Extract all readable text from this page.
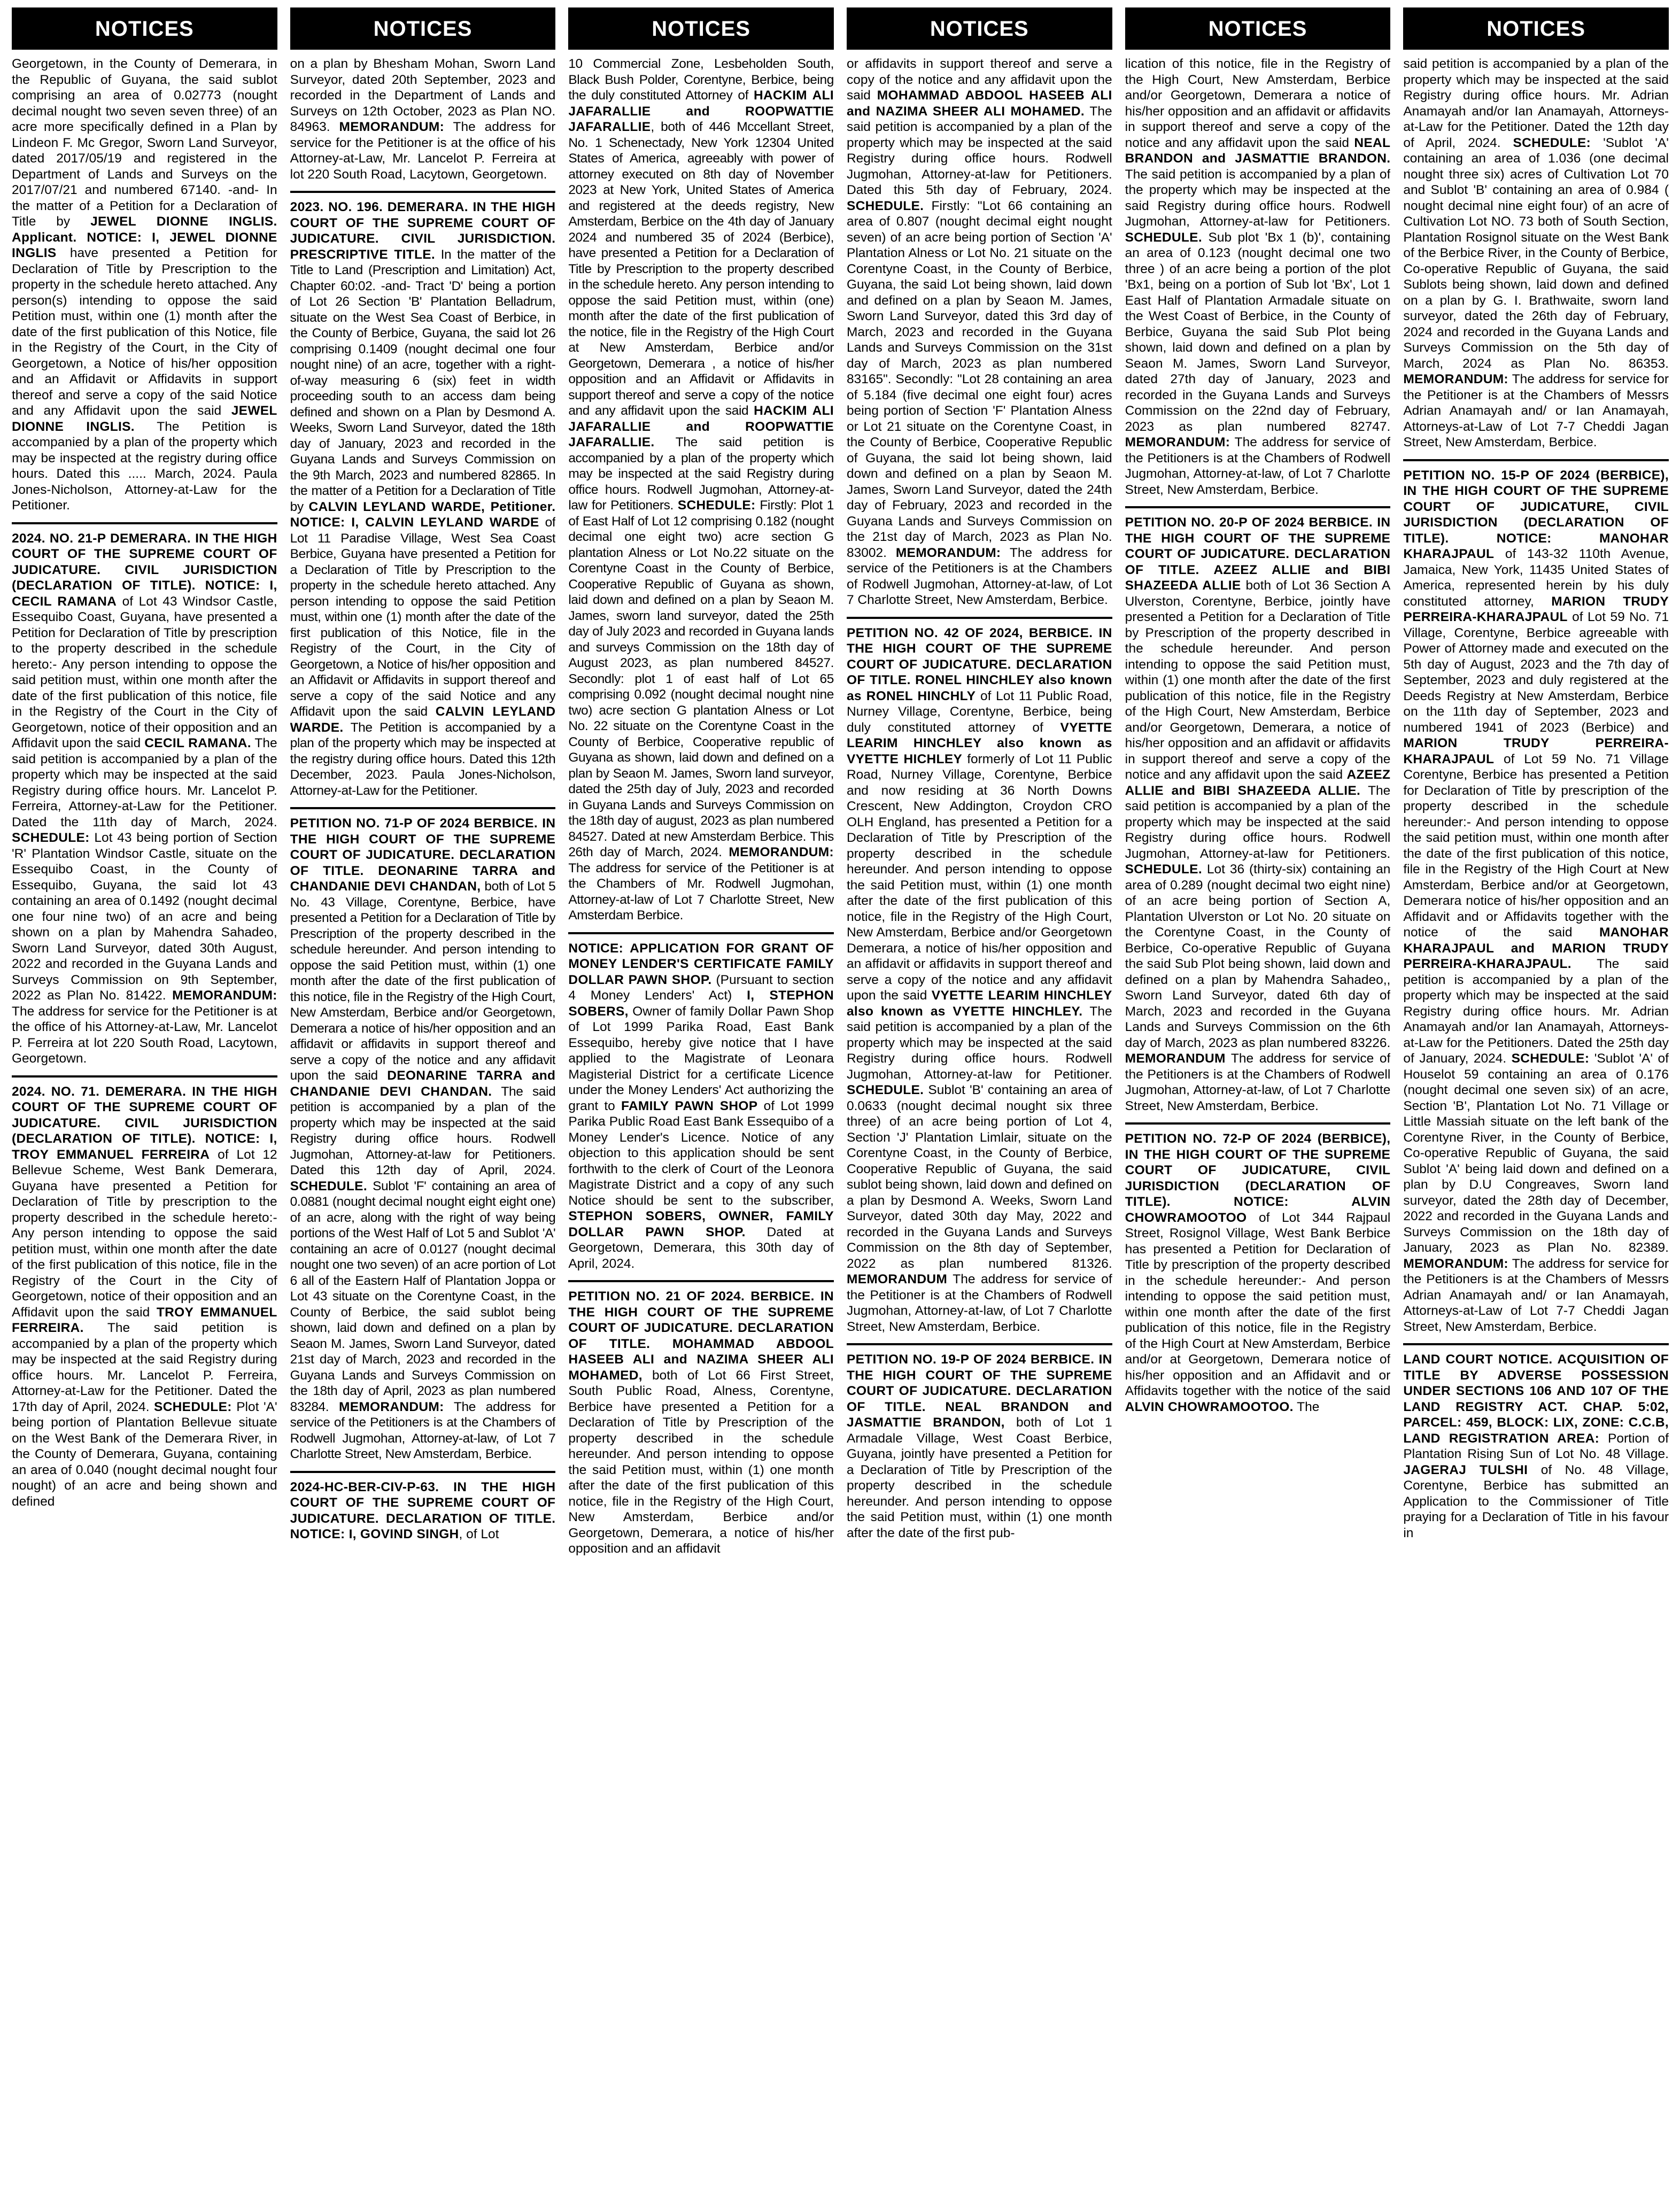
NOTICES
Georgetown, in the County of Demerara, in the Republic of Guyana, the said sublot comprising an area of 0.02773 (nought decimal nought two seven seven three) of an acre more specifically defined in a Plan by Lindeon F. Mc Gregor, Sworn Land Surveyor, dated 2017/05/19 and registered in the Department of Lands and Surveys on the 2017/07/21 and numbered 67140. -and- In the matter of a Petition for a Declaration of Title by JEWEL DIONNE INGLIS. Applicant. NOTICE: I, JEWEL DIONNE INGLIS have presented a Petition for Declaration of Title by Prescription to the property in the schedule hereto attached. Any person(s) intending to oppose the said Petition must, within one (1) month after the date of the first publication of this Notice, file in the Registry of the Court, in the City of Georgetown, a Notice of his/her opposition and an Affidavit or Affidavits in support thereof and serve a copy of the said Notice and any Affidavit upon the said JEWEL DIONNE INGLIS. The Petition is accompanied by a plan of the property which may be inspected at the registry during office hours. Dated this ..... March, 2024. Paula Jones-Nicholson, Attorney-at-Law for the Petitioner.
2024. NO. 21-P DEMERARA. IN THE HIGH COURT OF THE SUPREME COURT OF JUDICATURE. CIVIL JURISDICTION (DECLARATION OF TITLE). NOTICE: I, CECIL RAMANA of Lot 43 Windsor Castle, Essequibo Coast, Guyana, have presented a Petition for Declaration of Title by prescription to the property described in the schedule hereto:- Any person intending to oppose the said petition must, within one month after the date of the first publication of this notice, file in the Registry of the Court in the City of Georgetown, notice of their opposition and an Affidavit upon the said CECIL RAMANA. The said petition is accompanied by a plan of the property which may be inspected at the said Registry during office hours. Mr. Lancelot P. Ferreira, Attorney-at-Law for the Petitioner. Dated the 11th day of March, 2024. SCHEDULE: Lot 43 being portion of Section 'R' Plantation Windsor Castle, situate on the Essequibo Coast, in the County of Essequibo, Guyana, the said lot 43 containing an area of 0.1492 (nought decimal one four nine two) of an acre and being shown on a plan by Mahendra Sahadeo, Sworn Land Surveyor, dated 30th August, 2022 and recorded in the Guyana Lands and Surveys Commission on 9th September, 2022 as Plan No. 81422. MEMORANDUM: The address for service for the Petitioner is at the office of his Attorney-at-Law, Mr. Lancelot P. Ferreira at lot 220 South Road, Lacytown, Georgetown.
2024. NO. 71. DEMERARA. IN THE HIGH COURT OF THE SUPREME COURT OF JUDICATURE. CIVIL JURISDICTION (DECLARATION OF TITLE). NOTICE: I, TROY EMMANUEL FERREIRA of Lot 12 Bellevue Scheme, West Bank Demerara, Guyana have presented a Petition for Declaration of Title by prescription to the property described in the schedule hereto:- Any person intending to oppose the said petition must, within one month after the date of the first publication of this notice, file in the Registry of the Court in the City of Georgetown, notice of their opposition and an Affidavit upon the said TROY EMMANUEL FERREIRA. The said petition is accompanied by a plan of the property which may be inspected at the said Registry during office hours. Mr. Lancelot P. Ferreira, Attorney-at-Law for the Petitioner. Dated the 17th day of April, 2024. SCHEDULE: Plot 'A' being portion of Plantation Bellevue situate on the West Bank of the Demerara River, in the County of Demerara, Guyana, containing an area of 0.040 (nought decimal nought four nought) of an acre and being shown and defined
NOTICES
on a plan by Bhesham Mohan, Sworn Land Surveyor, dated 20th September, 2023 and recorded in the Department of Lands and Surveys on 12th October, 2023 as Plan NO. 84963. MEMORANDUM: The address for service for the Petitioner is at the office of his Attorney-at-Law, Mr. Lancelot P. Ferreira at lot 220 South Road, Lacytown, Georgetown.
2023. NO. 196. DEMERARA. IN THE HIGH COURT OF THE SUPREME COURT OF JUDICATURE. CIVIL JURISDICTION. PRESCRIPTIVE TITLE. In the matter of the Title to Land (Prescription and Limitation) Act, Chapter 60:02. -and- Tract 'D' being a portion of Lot 26 Section 'B' Plantation Belladrum, situate on the West Sea Coast of Berbice, in the County of Berbice, Guyana, the said lot 26 comprising 0.1409 (nought decimal one four nought nine) of an acre, together with a right-of-way measuring 6 (six) feet in width proceeding south to an access dam being defined and shown on a Plan by Desmond A. Weeks, Sworn Land Surveyor, dated the 18th day of January, 2023 and recorded in the Guyana Lands and Surveys Commission on the 9th March, 2023 and numbered 82865. In the matter of a Petition for a Declaration of Title by CALVIN LEYLAND WARDE, Petitioner. NOTICE: I, CALVIN LEYLAND WARDE of Lot 11 Paradise Village, West Sea Coast Berbice, Guyana have presented a Petition for a Declaration of Title by Prescription to the property in the schedule hereto attached. Any person intending to oppose the said Petition must, within one (1) month after the date of the first publication of this Notice, file in the Registry of the Court, in the City of Georgetown, a Notice of his/her opposition and an Affidavit or Affidavits in support thereof and serve a copy of the said Notice and any Affidavit upon the said CALVIN LEYLAND WARDE. The Petition is accompanied by a plan of the property which may be inspected at the registry during office hours. Dated this 12th December, 2023. Paula Jones-Nicholson, Attorney-at-Law for the Petitioner.
PETITION NO. 71-P OF 2024 BERBICE. IN THE HIGH COURT OF THE SUPREME COURT OF JUDICATURE. DECLARATION OF TITLE. DEONARINE TARRA and CHANDANIE DEVI CHANDAN, both of Lot 5 No. 43 Village, Corentyne, Berbice, have presented a Petition for a Declaration of Title by Prescription of the property described in the schedule hereunder. And person intending to oppose the said Petition must, within (1) one month after the date of the first publication of this notice, file in the Registry of the High Court, New Amsterdam, Berbice and/or Georgetown, Demerara a notice of his/her opposition and an affidavit or affidavits in support thereof and serve a copy of the notice and any affidavit upon the said DEONARINE TARRA and CHANDANIE DEVI CHANDAN. The said petition is accompanied by a plan of the property which may be inspected at the said Registry during office hours. Rodwell Jugmohan, Attorney-at-law for Petitioners. Dated this 12th day of April, 2024. SCHEDULE. Sublot 'F' containing an area of 0.0881 (nought decimal nought eight eight one) of an acre, along with the right of way being portions of the West Half of Lot 5 and Sublot 'A' containing an acre of 0.0127 (nought decimal nought one two seven) of an acre portion of Lot 6 all of the Eastern Half of Plantation Joppa or Lot 43 situate on the Corentyne Coast, in the County of Berbice, the said sublot being shown, laid down and defined on a plan by Seaon M. James, Sworn Land Surveyor, dated 21st day of March, 2023 and recorded in the Guyana Lands and Surveys Commission on the 18th day of April, 2023 as plan numbered 83284. MEMORANDUM: The address for service of the Petitioners is at the Chambers of Rodwell Jugmohan, Attorney-at-law, of Lot 7 Charlotte Street, New Amsterdam, Berbice.
2024-HC-BER-CIV-P-63. IN THE HIGH COURT OF THE SUPREME COURT OF JUDICATURE. DECLARATION OF TITLE. NOTICE: I, GOVIND SINGH, of Lot
NOTICES
10 Commercial Zone, Lesbeholden South, Black Bush Polder, Corentyne, Berbice, being the duly constituted Attorney of HACKIM ALI JAFARALLIE and ROOPWATTIE JAFARALLIE, both of 446 Mccellant Street, No. 1 Schenectady, New York 12304 United States of America, agreeably with power of attorney executed on 8th day of November 2023 at New York, United States of America and registered at the deeds registry, New Amsterdam, Berbice on the 4th day of January 2024 and numbered 35 of 2024 (Berbice), have presented a Petition for a Declaration of Title by Prescription to the property described in the schedule hereto. Any person intending to oppose the said Petition must, within (one) month after the date of the first publication of the notice, file in the Registry of the High Court at New Amsterdam, Berbice and/or Georgetown, Demerara , a notice of his/her opposition and an Affidavit or Affidavits in support thereof and serve a copy of the notice and any affidavit upon the said HACKIM ALI JAFARALLIE and ROOPWATTIE JAFARALLIE. The said petition is accompanied by a plan of the property which may be inspected at the said Registry during office hours. Rodwell Jugmohan, Attorney-at-law for Petitioners. SCHEDULE: Firstly: Plot 1 of East Half of Lot 12 comprising 0.182 (nought decimal one eight two) acre section G plantation Alness or Lot No.22 situate on the Corentyne Coast in the County of Berbice, Cooperative Republic of Guyana as shown, laid down and defined on a plan by Seaon M. James, sworn land surveyor, dated the 25th day of July 2023 and recorded in Guyana lands and surveys Commission on the 18th day of August 2023, as plan numbered 84527. Secondly: plot 1 of east half of Lot 65 comprising 0.092 (nought decimal nought nine two) acre section G plantation Alness or Lot No. 22 situate on the Corentyne Coast in the County of Berbice, Cooperative republic of Guyana as shown, laid down and defined on a plan by Seaon M. James, Sworn land surveyor, dated the 25th day of July, 2023 and recorded in Guyana Lands and Surveys Commission on the 18th day of august, 2023 as plan numbered 84527. Dated at new Amsterdam Berbice. This 26th day of March, 2024. MEMORANDUM: The address for service of the Petitioner is at the Chambers of Mr. Rodwell Jugmohan, Attorney-at-law of Lot 7 Charlotte Street, New Amsterdam Berbice.
NOTICE: APPLICATION FOR GRANT OF MONEY LENDER'S CERTIFICATE FAMILY DOLLAR PAWN SHOP. (Pursuant to section 4 Money Lenders' Act) I, STEPHON SOBERS, Owner of family Dollar Pawn Shop of Lot 1999 Parika Road, East Bank Essequibo, hereby give notice that I have applied to the Magistrate of Leonara Magisterial District for a certificate Licence under the Money Lenders' Act authorizing the grant to FAMILY PAWN SHOP of Lot 1999 Parika Public Road East Bank Essequibo of a Money Lender's Licence. Notice of any objection to this application should be sent forthwith to the clerk of Court of the Leonora Magistrate District and a copy of any such Notice should be sent to the subscriber, STEPHON SOBERS, OWNER, FAMILY DOLLAR PAWN SHOP. Dated at Georgetown, Demerara, this 30th day of April, 2024.
PETITION NO. 21 OF 2024. BERBICE. IN THE HIGH COURT OF THE SUPREME COURT OF JUDICATURE. DECLARATION OF TITLE. MOHAMMAD ABDOOL HASEEB ALI and NAZIMA SHEER ALI MOHAMED, both of Lot 66 First Street, South Public Road, Alness, Corentyne, Berbice have presented a Petition for a Declaration of Title by Prescription of the property described in the schedule hereunder. And person intending to oppose the said Petition must, within (1) one month after the date of the first publication of this notice, file in the Registry of the High Court, New Amsterdam, Berbice and/or Georgetown, Demerara, a notice of his/her opposition and an affidavit
NOTICES
or affidavits in support thereof and serve a copy of the notice and any affidavit upon the said MOHAMMAD ABDOOL HASEEB ALI and NAZIMA SHEER ALI MOHAMED. The said petition is accompanied by a plan of the property which may be inspected at the said Registry during office hours. Rodwell Jugmohan, Attorney-at-law for Petitioners. Dated this 5th day of February, 2024. SCHEDULE. Firstly: "Lot 66 containing an area of 0.807 (nought decimal eight nought seven) of an acre being portion of Section 'A' Plantation Alness or Lot No. 21 situate on the Corentyne Coast, in the County of Berbice, Guyana, the said Lot being shown, laid down and defined on a plan by Seaon M. James, Sworn Land Surveyor, dated this 3rd day of March, 2023 and recorded in the Guyana Lands and Surveys Commission on the 31st day of March, 2023 as plan numbered 83165". Secondly: "Lot 28 containing an area of 5.184 (five decimal one eight four) acres being portion of Section 'F' Plantation Alness or Lot 21 situate on the Corentyne Coast, in the County of Berbice, Cooperative Republic of Guyana, the said lot being shown, laid down and defined on a plan by Seaon M. James, Sworn Land Surveyor, dated the 24th day of February, 2023 and recorded in the Guyana Lands and Surveys Commission on the 21st day of March, 2023 as Plan No. 83002. MEMORANDUM: The address for service of the Petitioners is at the Chambers of Rodwell Jugmohan, Attorney-at-law, of Lot 7 Charlotte Street, New Amsterdam, Berbice.
PETITION NO. 42 OF 2024, BERBICE. IN THE HIGH COURT OF THE SUPREME COURT OF JUDICATURE. DECLARATION OF TITLE. RONEL HINCHLEY also known as RONEL HINCHLY of Lot 11 Public Road, Nurney Village, Corentyne, Berbice, being duly constituted attorney of VYETTE LEARIM HINCHLEY also known as VYETTE HICHLEY formerly of Lot 11 Public Road, Nurney Village, Corentyne, Berbice and now residing at 36 North Downs Crescent, New Addington, Croydon CRO OLH England, has presented a Petition for a Declaration of Title by Prescription of the property described in the schedule hereunder. And person intending to oppose the said Petition must, within (1) one month after the date of the first publication of this notice, file in the Registry of the High Court, New Amsterdam, Berbice and/or Georgetown Demerara, a notice of his/her opposition and an affidavit or affidavits in support thereof and serve a copy of the notice and any affidavit upon the said VYETTE LEARIM HINCHLEY also known as VYETTE HINCHLEY. The said petition is accompanied by a plan of the property which may be inspected at the said Registry during office hours. Rodwell Jugmohan, Attorney-at-law for Petitioner. SCHEDULE. Sublot 'B' containing an area of 0.0633 (nought decimal nought six three three) of an acre being portion of Lot 4, Section 'J' Plantation Limlair, situate on the Corentyne Coast, in the County of Berbice, Cooperative Republic of Guyana, the said sublot being shown, laid down and defined on a plan by Desmond A. Weeks, Sworn Land Surveyor, dated 30th day May, 2022 and recorded in the Guyana Lands and Surveys Commission on the 8th day of September, 2022 as plan numbered 81326. MEMORANDUM The address for service of the Petitioner is at the Chambers of Rodwell Jugmohan, Attorney-at-law, of Lot 7 Charlotte Street, New Amsterdam, Berbice.
PETITION NO. 19-P OF 2024 BERBICE. IN THE HIGH COURT OF THE SUPREME COURT OF JUDICATURE. DECLARATION OF TITLE. NEAL BRANDON and JASMATTIE BRANDON, both of Lot 1 Armadale Village, West Coast Berbice, Guyana, jointly have presented a Petition for a Declaration of Title by Prescription of the property described in the schedule hereunder. And person intending to oppose the said Petition must, within (1) one month after the date of the first pub-
NOTICES
lication of this notice, file in the Registry of the High Court, New Amsterdam, Berbice and/or Georgetown, Demerara a notice of his/her opposition and an affidavit or affidavits in support thereof and serve a copy of the notice and any affidavit upon the said NEAL BRANDON and JASMATTIE BRANDON. The said petition is accompanied by a plan of the property which may be inspected at the said Registry during office hours. Rodwell Jugmohan, Attorney-at-law for Petitioners. SCHEDULE. Sub plot 'Bx 1 (b)', containing an area of 0.123 (nought decimal one two three ) of an acre being a portion of the plot 'Bx1, being on a portion of Sub lot 'Bx', Lot 1 East Half of Plantation Armadale situate on the West Coast of Berbice, in the County of Berbice, Guyana the said Sub Plot being shown, laid down and defined on a plan by Seaon M. James, Sworn Land Surveyor, dated 27th day of January, 2023 and recorded in the Guyana Lands and Surveys Commission on the 22nd day of February, 2023 as plan numbered 82747. MEMORANDUM: The address for service of the Petitioners is at the Chambers of Rodwell Jugmohan, Attorney-at-law, of Lot 7 Charlotte Street, New Amsterdam, Berbice.
PETITION NO. 20-P OF 2024 BERBICE. IN THE HIGH COURT OF THE SUPREME COURT OF JUDICATURE. DECLARATION OF TITLE. AZEEZ ALLIE and BIBI SHAZEEDA ALLIE both of Lot 36 Section A Ulverston, Corentyne, Berbice, jointly have presented a Petition for a Declaration of Title by Prescription of the property described in the schedule hereunder. And person intending to oppose the said Petition must, within (1) one month after the date of the first publication of this notice, file in the Registry of the High Court, New Amsterdam, Berbice and/or Georgetown, Demerara, a notice of his/her opposition and an affidavit or affidavits in support thereof and serve a copy of the notice and any affidavit upon the said AZEEZ ALLIE and BIBI SHAZEEDA ALLIE. The said petition is accompanied by a plan of the property which may be inspected at the said Registry during office hours. Rodwell Jugmohan, Attorney-at-law for Petitioners. SCHEDULE. Lot 36 (thirty-six) containing an area of 0.289 (nought decimal two eight nine) of an acre being portion of Section A, Plantation Ulverston or Lot No. 20 situate on the Corentyne Coast, in the County of Berbice, Co-operative Republic of Guyana the said Sub Plot being shown, laid down and defined on a plan by Mahendra Sahadeo,, Sworn Land Surveyor, dated 6th day of March, 2023 and recorded in the Guyana Lands and Surveys Commission on the 6th day of March, 2023 as plan numbered 83226. MEMORANDUM The address for service of the Petitioners is at the Chambers of Rodwell Jugmohan, Attorney-at-law, of Lot 7 Charlotte Street, New Amsterdam, Berbice.
PETITION NO. 72-P OF 2024 (BERBICE), IN THE HIGH COURT OF THE SUPREME COURT OF JUDICATURE, CIVIL JURISDICTION (DECLARATION OF TITLE). NOTICE: ALVIN CHOWRAMOOTOO of Lot 344 Rajpaul Street, Rosignol Village, West Bank Berbice has presented a Petition for Declaration of Title by prescription of the property described in the schedule hereunder:- And person intending to oppose the said petition must, within one month after the date of the first publication of this notice, file in the Registry of the High Court at New Amsterdam, Berbice and/or at Georgetown, Demerara notice of his/her opposition and an Affidavit and or Affidavits together with the notice of the said ALVIN CHOWRAMOOTOO. The
NOTICES
said petition is accompanied by a plan of the property which may be inspected at the said Registry during office hours. Mr. Adrian Anamayah and/or Ian Anamayah, Attorneys-at-Law for the Petitioner. Dated the 12th day of April, 2024. SCHEDULE: 'Sublot 'A' containing an area of 1.036 (one decimal nought three six) acres of Cultivation Lot 70 and Sublot 'B' containing an area of 0.984 ( nought decimal nine eight four) of an acre of Cultivation Lot NO. 73 both of South Section, Plantation Rosignol situate on the West Bank of the Berbice River, in the County of Berbice, Co-operative Republic of Guyana, the said Sublots being shown, laid down and defined on a plan by G. I. Brathwaite, sworn land surveyor, dated the 26th day of February, 2024 and recorded in the Guyana Lands and Surveys Commission on the 5th day of March, 2024 as Plan No. 86353. MEMORANDUM: The address for service for the Petitioner is at the Chambers of Messrs Adrian Anamayah and/ or Ian Anamayah, Attorneys-at-Law of Lot 7-7 Cheddi Jagan Street, New Amsterdam, Berbice.
PETITION NO. 15-P OF 2024 (BERBICE), IN THE HIGH COURT OF THE SUPREME COURT OF JUDICATURE, CIVIL JURISDICTION (DECLARATION OF TITLE). NOTICE: MANOHAR KHARAJPAUL of 143-32 110th Avenue, Jamaica, New York, 11435 United States of America, represented herein by his duly constituted attorney, MARION TRUDY PERREIRA-KHARAJPAUL of Lot 59 No. 71 Village, Corentyne, Berbice agreeable with Power of Attorney made and executed on the 5th day of August, 2023 and the 7th day of September, 2023 and duly registered at the Deeds Registry at New Amsterdam, Berbice on the 11th day of September, 2023 and numbered 1941 of 2023 (Berbice) and MARION TRUDY PERREIRA-KHARAJPAUL of Lot 59 No. 71 Village Corentyne, Berbice has presented a Petition for Declaration of Title by prescription of the property described in the schedule hereunder:- And person intending to oppose the said petition must, within one month after the date of the first publication of this notice, file in the Registry of the High Court at New Amsterdam, Berbice and/or at Georgetown, Demerara notice of his/her opposition and an Affidavit and or Affidavits together with the notice of the said MANOHAR KHARAJPAUL and MARION TRUDY PERREIRA-KHARAJPAUL. The said petition is accompanied by a plan of the property which may be inspected at the said Registry during office hours. Mr. Adrian Anamayah and/or Ian Anamayah, Attorneys-at-Law for the Petitioners. Dated the 25th day of January, 2024. SCHEDULE: 'Sublot 'A' of Houselot 59 containing an area of 0.176 (nought decimal one seven six) of an acre, Section 'B', Plantation Lot No. 71 Village or Little Massiah situate on the left bank of the Corentyne River, in the County of Berbice, Co-operative Republic of Guyana, the said Sublot 'A' being laid down and defined on a plan by D.U Congreaves, Sworn land surveyor, dated the 28th day of December, 2022 and recorded in the Guyana Lands and Surveys Commission on the 18th day of January, 2023 as Plan No. 82389. MEMORANDUM: The address for service for the Petitioners is at the Chambers of Messrs Adrian Anamayah and/ or Ian Anamayah, Attorneys-at-Law of Lot 7-7 Cheddi Jagan Street, New Amsterdam, Berbice.
LAND COURT NOTICE. ACQUISITION OF TITLE BY ADVERSE POSSESSION UNDER SECTIONS 106 AND 107 OF THE LAND REGISTRY ACT. CHAP. 5:02, PARCEL: 459, BLOCK: LIX, ZONE: C.C.B, LAND REGISTRATION AREA: Portion of Plantation Rising Sun of Lot No. 48 Village. JAGERAJ TULSHI of No. 48 Village, Corentyne, Berbice has submitted an Application to the Commissioner of Title praying for a Declaration of Title in his favour in
